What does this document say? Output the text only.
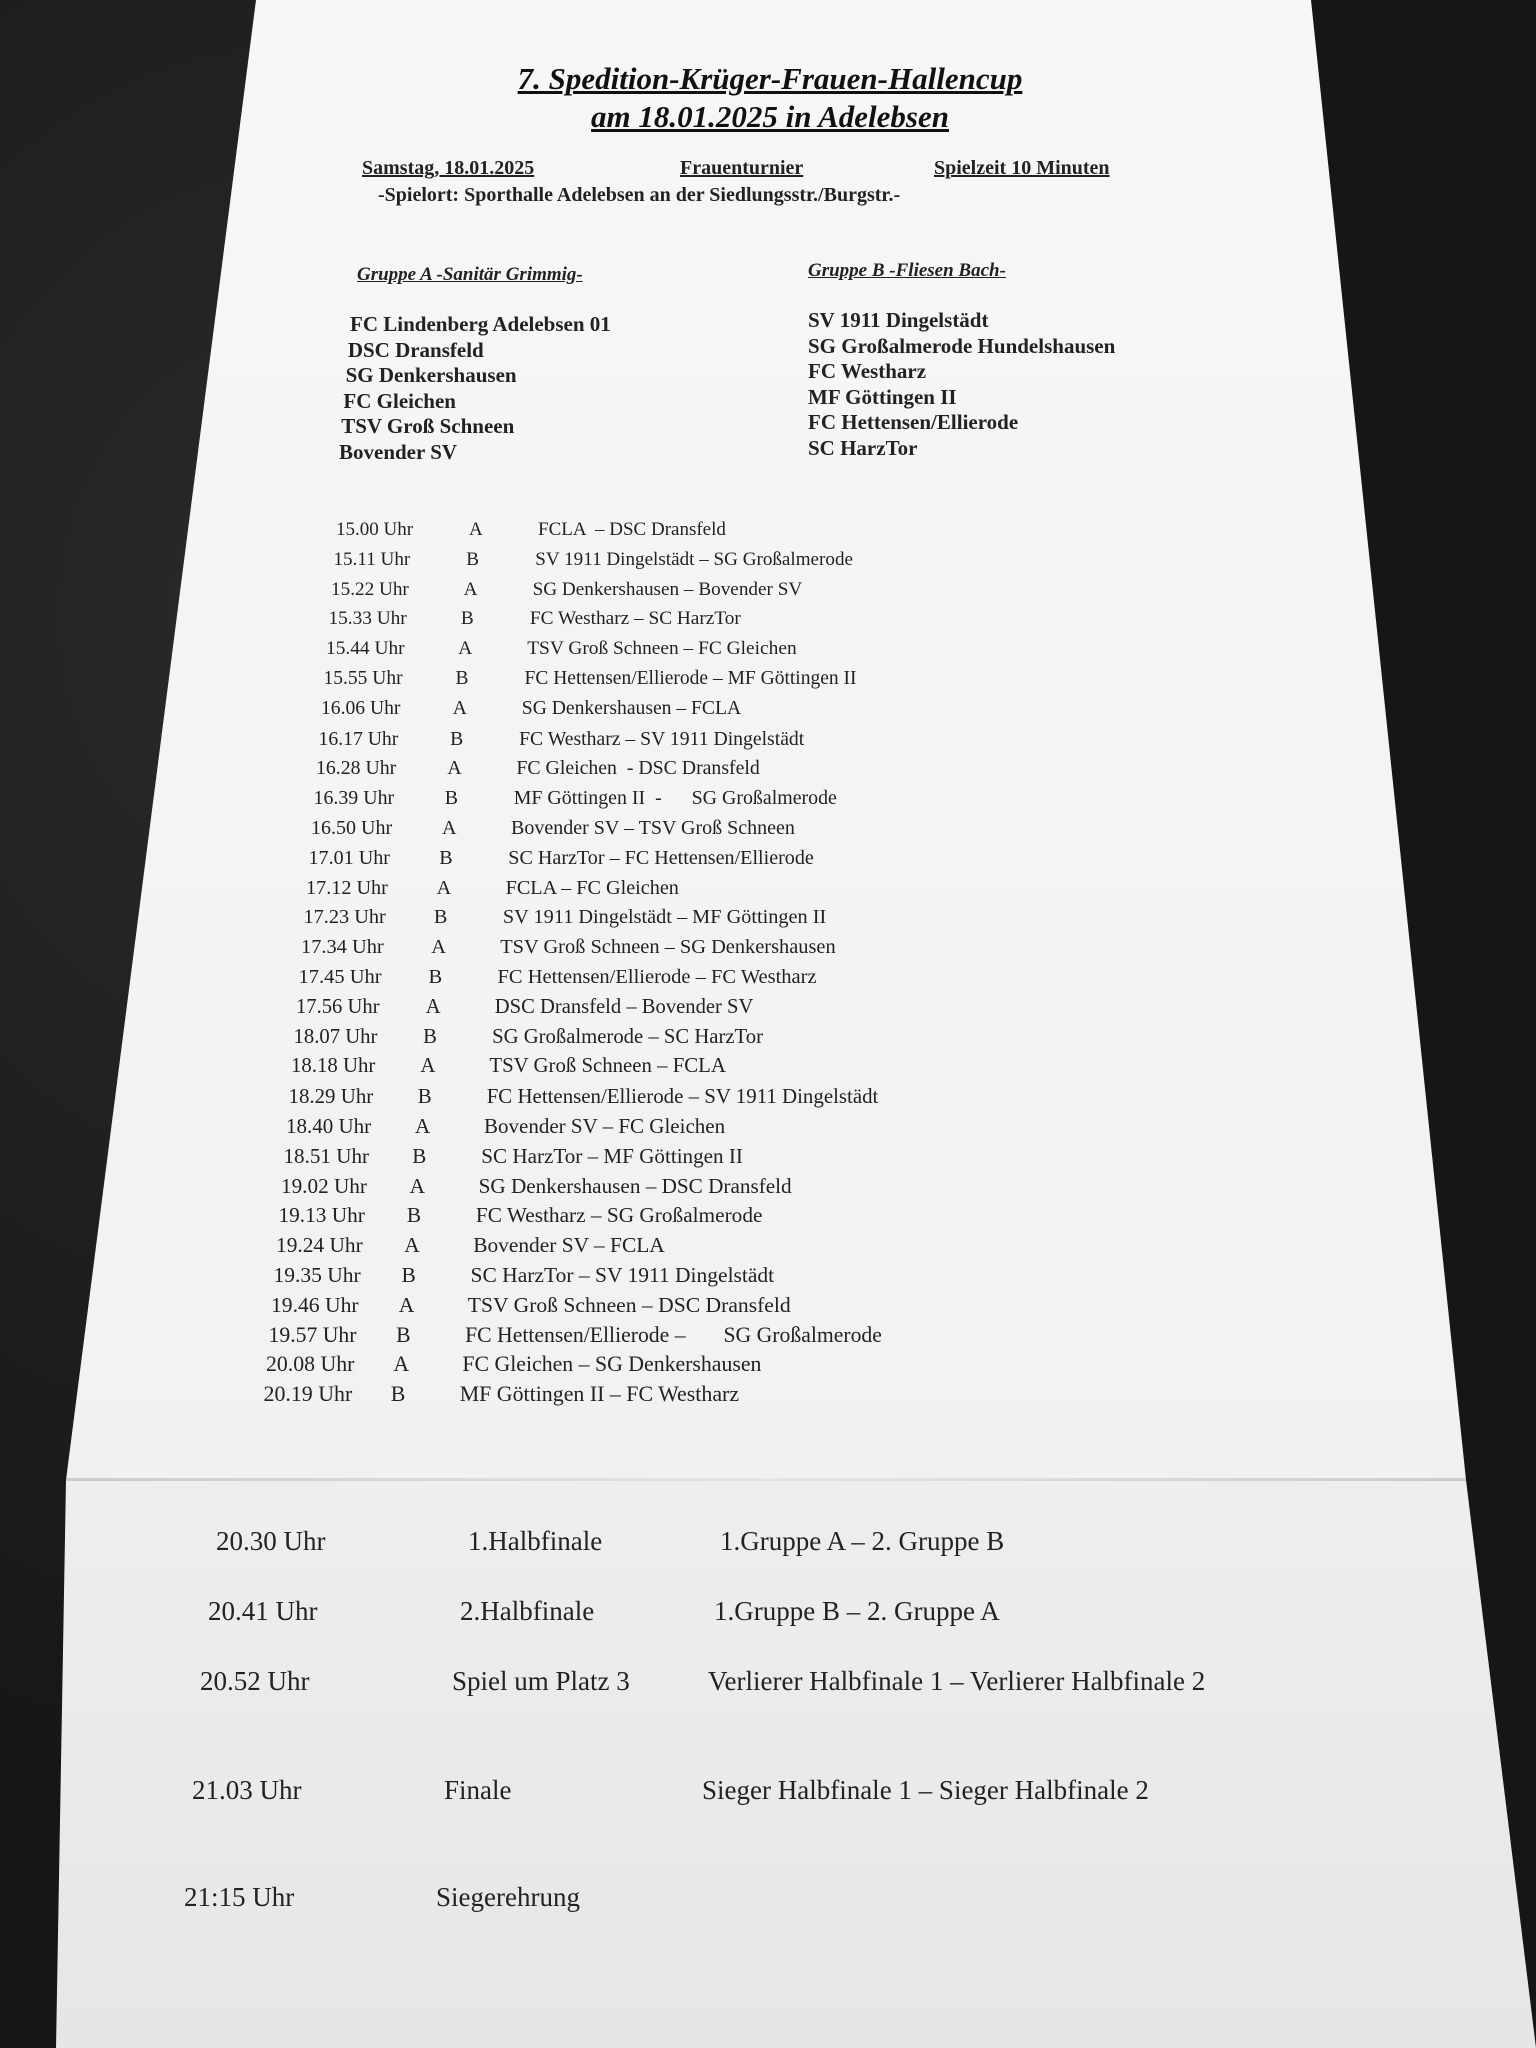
7. Spedition-Krüger-Frauen-Hallencup
am 18.01.2025 in Adelebsen
Samstag, 18.01.2025	Frauenturnier	Spielzeit 10 Minuten
-Spielort: Sporthalle Adelebsen an der Siedlungsstr./Burgstr.-
Gruppe A -Sanitär Grimmig-	Gruppe B -Fliesen Bach-
FC Lindenberg Adelebsen 01
DSC Dransfeld
SG Denkershausen
FC Gleichen
TSV Groß Schneen
Bovender SV
SV 1911 Dingelstädt
SG Großalmerode Hundelshausen
FC Westharz
MF Göttingen II
FC Hettensen/Ellierode
SC HarzTor
15.00 Uhr	A	FCLA  – DSC Dransfeld
15.11 Uhr	B	SV 1911 Dingelstädt – SG Großalmerode
15.22 Uhr	A	SG Denkershausen – Bovender SV
15.33 Uhr	B	FC Westharz – SC HarzTor
15.44 Uhr	A	TSV Groß Schneen – FC Gleichen
15.55 Uhr	B	FC Hettensen/Ellierode – MF Göttingen II
16.06 Uhr	A	SG Denkershausen – FCLA
16.17 Uhr	B	FC Westharz – SV 1911 Dingelstädt
16.28 Uhr	A	FC Gleichen  - DSC Dransfeld
16.39 Uhr	B	MF Göttingen II  -      SG Großalmerode
16.50 Uhr A	Bovender SV – TSV Groß Schneen
17.01 Uhr B	SC HarzTor – FC Hettensen/Ellierode
17.12 Uhr A	FCLA – FC Gleichen
17.23 Uhr B	SV 1911 Dingelstädt – MF Göttingen II
17.34 Uhr A	TSV Groß Schneen – SG Denkershausen
17.45 Uhr B	FC Hettensen/Ellierode – FC Westharz
17.56 Uhr A	DSC Dransfeld – Bovender SV
18.07 Uhr B	SG Großalmerode – SC HarzTor
18.18 Uhr A	TSV Groß Schneen – FCLA
18.29 Uhr B	FC Hettensen/Ellierode – SV 1911 Dingelstädt
18.40 Uhr A	Bovender SV – FC Gleichen
18.51 Uhr B	SC HarzTor – MF Göttingen II
19.02 Uhr A	SG Denkershausen – DSC Dransfeld
19.13 Uhr B	FC Westharz – SG Großalmerode
19.24 Uhr A	Bovender SV – FCLA
19.35 Uhr B	SC HarzTor – SV 1911 Dingelstädt
19.46 Uhr A TSV Groß Schneen – DSC Dransfeld
19.57 Uhr B	FC Hettensen/Ellierode –       SG Großalmerode
20.08 Uhr A FC Gleichen – SG Denkershausen
20.19 Uhr B MF Göttingen II – FC Westharz
20.30 Uhr	1.Halbfinale	1.Gruppe A – 2. Gruppe B
20.41 Uhr	2.Halbfinale	1.Gruppe B – 2. Gruppe A
20.52 Uhr	Spiel um Platz 3	Verlierer Halbfinale 1 – Verlierer Halbfinale 2
21.03 Uhr	Finale	Sieger Halbfinale 1 – Sieger Halbfinale 2
21:15 Uhr	Siegerehrung
